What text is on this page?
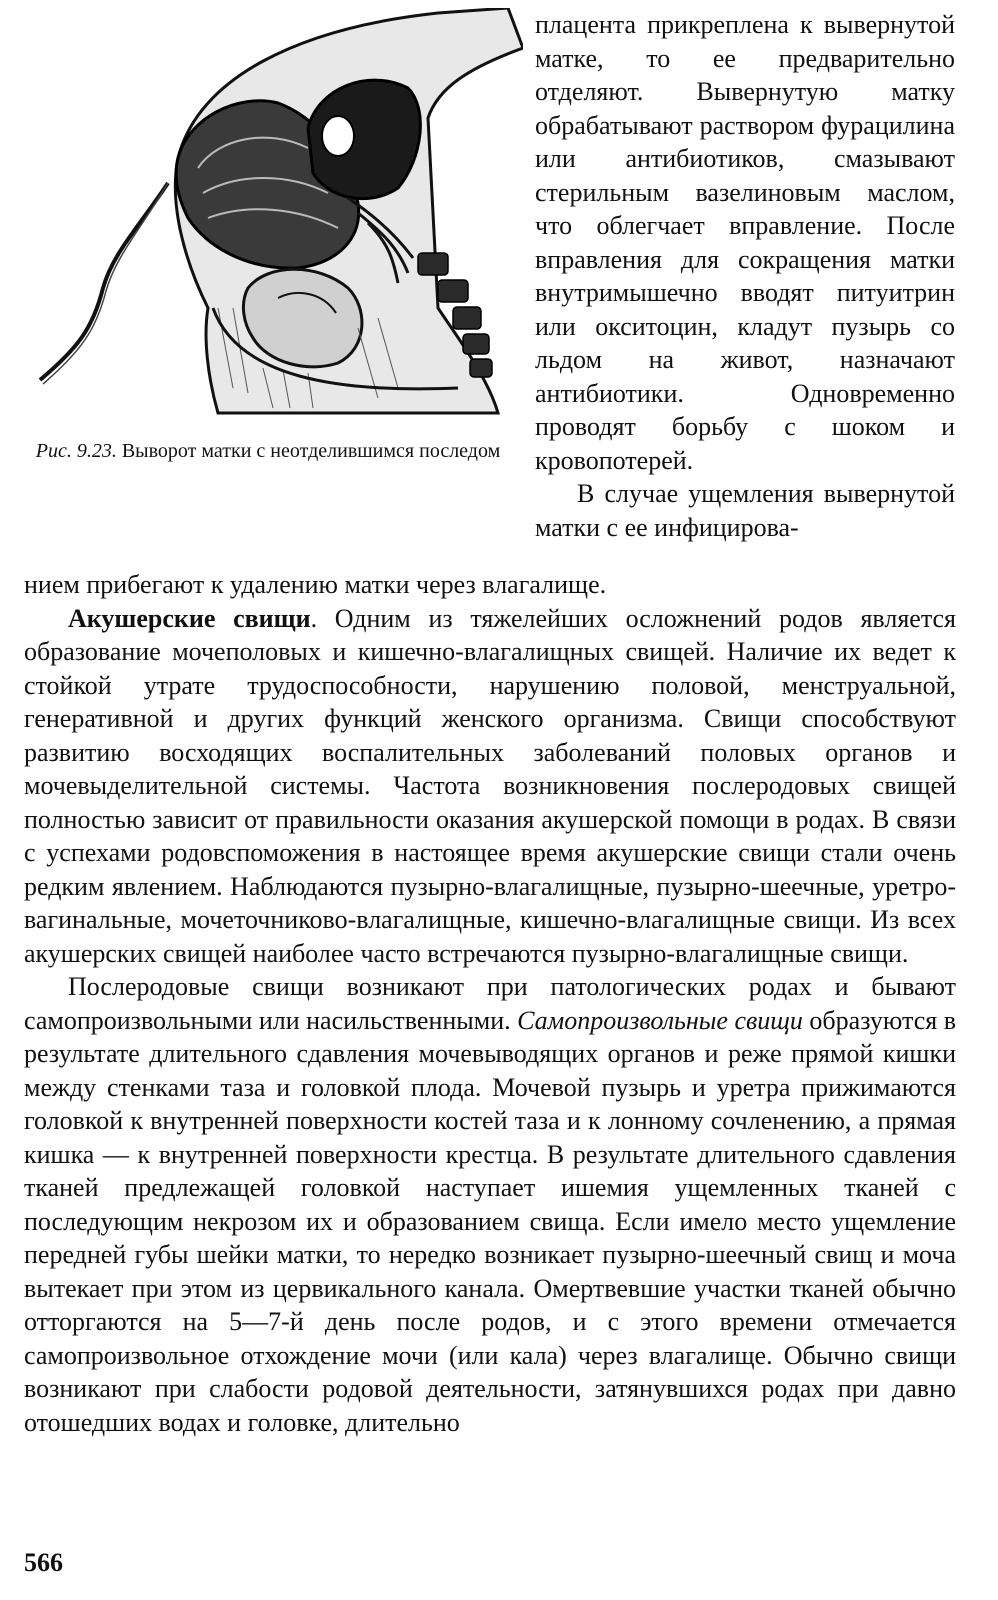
Рис. 9.23. Выворот матки с неотделившимся последом

плацента прикреплена к вывернутой матке, то ее предварительно отделяют. Вывернутую матку обрабатывают раствором фурацилина или антибиотиков, смазывают стерильным вазелиновым маслом, что облегчает вправление. После вправления для сокращения матки внутримышечно вводят питуитрин или окситоцин, кладут пузырь со льдом на живот, назначают антибиотики. Одновременно проводят борьбу с шоком и кровопотерей.

В случае ущемления вывернутой матки с ее инфицирова-

нием прибегают к удалению матки через влагалище.

Акушерские свищи. Одним из тяжелейших осложнений родов является образование мочеполовых и кишечно-влагалищных свищей. Наличие их ведет к стойкой утрате трудоспособности, нарушению половой, менструальной, генеративной и других функций женского организма. Свищи способствуют развитию восходящих воспалительных заболеваний половых органов и мочевыделительной системы. Частота возникновения послеродовых свищей полностью зависит от правильности оказания акушерской помощи в родах. В связи с успехами родовспоможения в настоящее время акушерские свищи стали очень редким явлением. Наблюдаются пузырно-влагалищные, пузырно-шеечные, уретро-вагинальные, мочеточниково-влагалищные, кишечно-влагалищные свищи. Из всех акушерских свищей наиболее часто встречаются пузырно-влагалищные свищи.

Послеродовые свищи возникают при патологических родах и бывают самопроизвольными или насильственными. Самопроизвольные свищи образуются в результате длительного сдавления мочевыводящих органов и реже прямой кишки между стенками таза и головкой плода. Мочевой пузырь и уретра прижимаются головкой к внутренней поверхности костей таза и к лонному сочленению, а прямая кишка — к внутренней поверхности крестца. В результате длительного сдавления тканей предлежащей головкой наступает ишемия ущемленных тканей с последующим некрозом их и образованием свища. Если имело место ущемление передней губы шейки матки, то нередко возникает пузырно-шеечный свищ и моча вытекает при этом из цервикального канала. Омертвевшие участки тканей обычно отторгаются на 5—7-й день после родов, и с этого времени отмечается самопроизвольное отхождение мочи (или кала) через влагалище. Обычно свищи возникают при слабости родовой деятельности, затянувшихся родах при давно отошедших водах и головке, длительно

566
